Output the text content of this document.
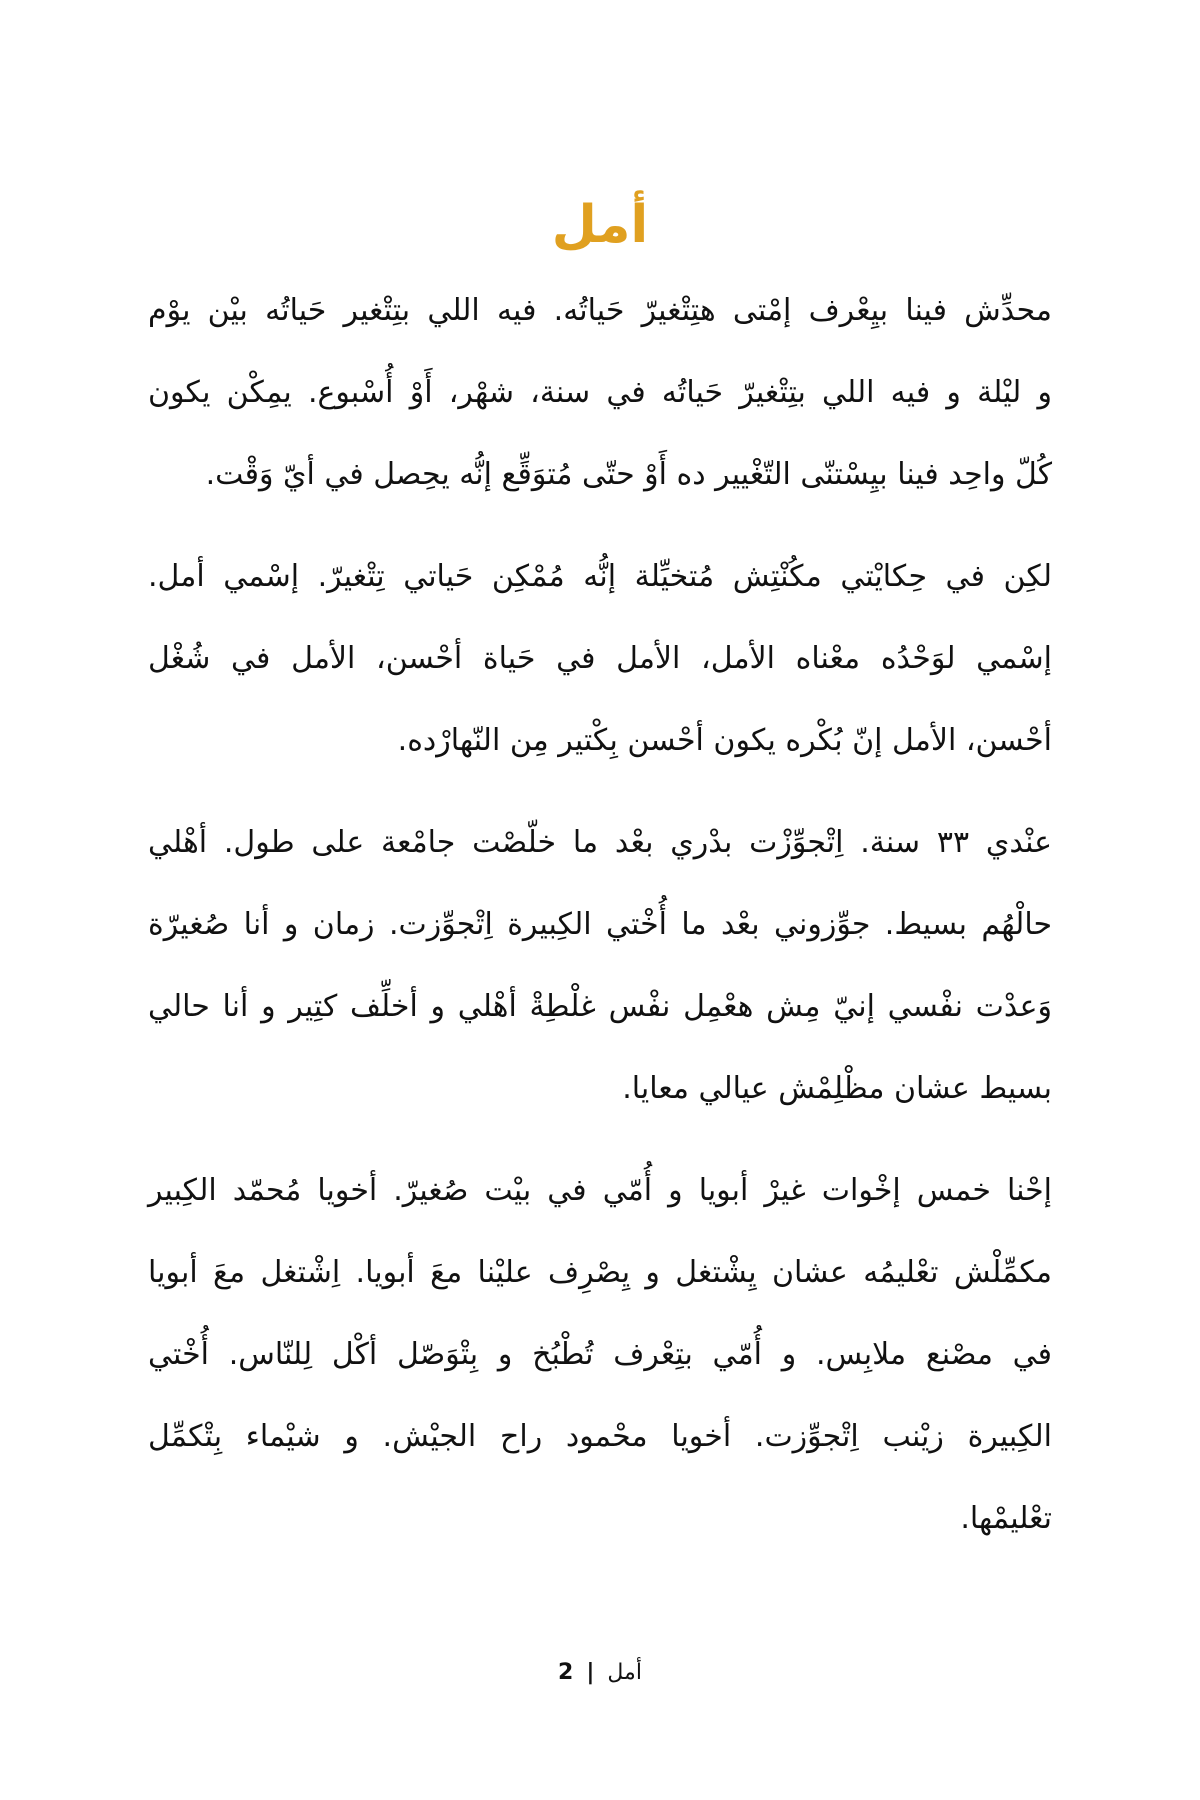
أمل
محدش فينا بيعرف إمتى هتتغير حياته. فيه اللي بتتغير حياته بين يوم
و ليلة و فيه اللي بتتغير حياته في سنة، شهر، أو أسبوع. يمكن يكون
كل واحد فينا بيستنى التغيير ده أو حتى متوقع إنه يحصل في أي وقت.
لكن في حكايتي مكنتش متخيلة إنه ممكن حياتي تتغير. إسمي أمل.
إسمي لوحده معناه الأمل، الأمل في حياة أحسن، الأمل في شغل
أحسن، الأمل إن بكره يكون أحسن بكتير من النهارده.
عندي ٣٣ سنة. اتجوزت بدري بعد ما خلصت جامعة على طول. أهلي
حالهم بسيط. جوزوني بعد ما أختي الكبيرة اتجوزت. زمان و أنا صغيرة
وعدت نفسي إني مش هعمل نفس غلطة أهلي و أخلف كتير و أنا حالي
بسيط عشان مظلمش عيالي معايا.
إحنا خمس إخوات غير أبويا و أمي في بيت صغير. أخويا محمد الكبير
مكملش تعليمه عشان يشتغل و يصرف علينا مع أبويا. اشتغل مع أبويا
في مصنع ملابس. و أمي بتعرف تطبخ و بتوصل أكل للناس. أختي
الكبيرة زينب اتجوزت. أخويا محمود راح الجيش. و شيماء بتكمل
تعليمها.
أمل | 2
